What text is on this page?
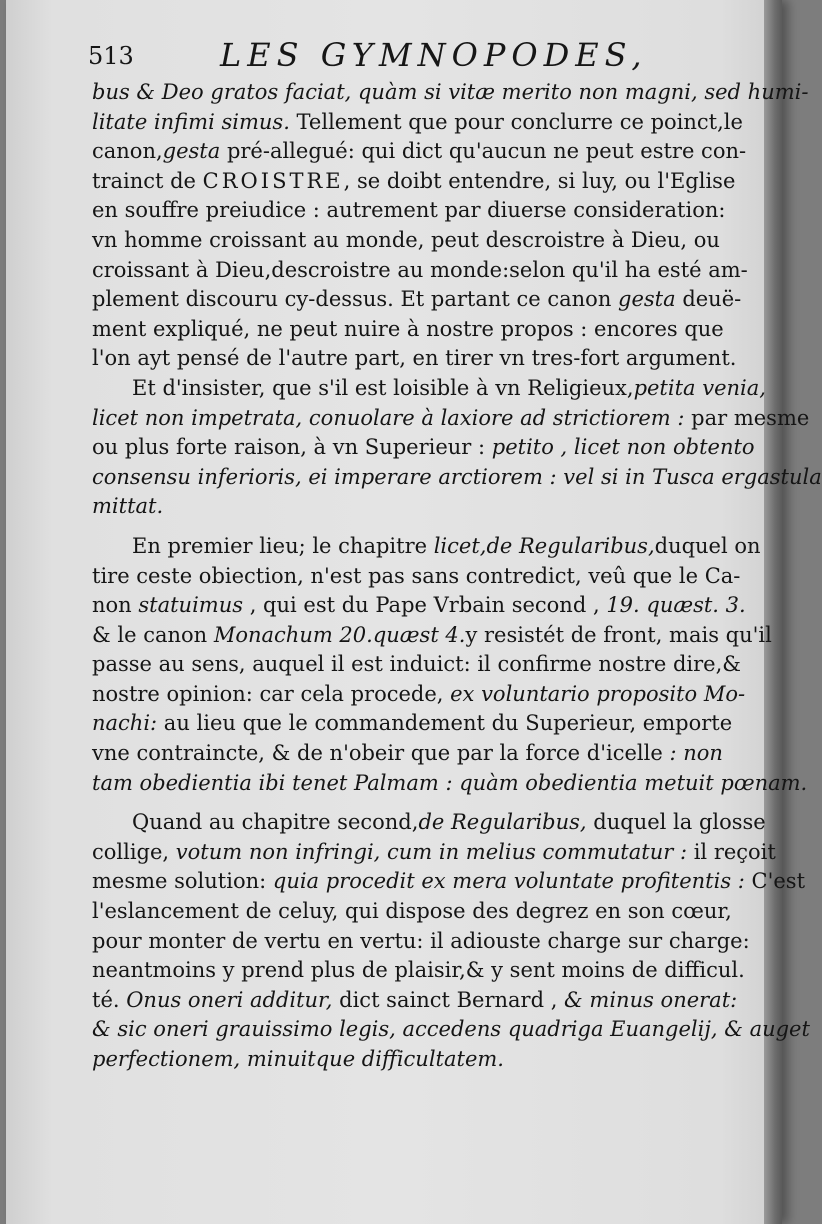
513	LES GYMNOPODES,
bus & Deo gratos faciat, quàm si vitæ merito non magni, sed humi-
litate infimi simus. Tellement que pour conclurre ce poinct,le
canon,gesta pré-allegué: qui dict qu'aucun ne peut estre con-
trainct de CROISTRE, se doibt entendre, si luy, ou l'Eglise
en souffre preiudice : autrement par diuerse consideration:
vn homme croissant au monde, peut descroistre à Dieu, ou
croissant à Dieu,descroistre au monde:selon qu'il ha esté am-
plement discouru cy-dessus. Et partant ce canon gesta deuë-
ment expliqué, ne peut nuire à nostre propos : encores que
l'on ayt pensé de l'autre part, en tirer vn tres-fort argument.
Et d'insister, que s'il est loisible à vn Religieux,petita venia,
licet non impetrata, conuolare à laxiore ad strictiorem : par mesme
ou plus forte raison, à vn Superieur : petito , licet non obtento
consensu inferioris, ei imperare arctiorem : vel si in Tusca ergastula
mittat.
En premier lieu; le chapitre licet,de Regularibus,duquel on
tire ceste obiection, n'est pas sans contredict, veû que le Ca-
non statuimus , qui est du Pape Vrbain second , 19. quæst. 3.
& le canon Monachum 20.quæst 4.y resistét de front, mais qu'il
passe au sens, auquel il est induict: il confirme nostre dire,&
nostre opinion: car cela procede, ex voluntario proposito Mo-
nachi: au lieu que le commandement du Superieur, emporte
vne contraincte, & de n'obeir que par la force d'icelle : non
tam obedientia ibi tenet Palmam : quàm obedientia metuit pœnam.
Quand au chapitre second,de Regularibus, duquel la glosse
collige, votum non infringi, cum in melius commutatur : il reçoit
mesme solution: quia procedit ex mera voluntate profitentis : C'est
l'eslancement de celuy, qui dispose des degrez en son cœur,
pour monter de vertu en vertu: il adiouste charge sur charge:
neantmoins y prend plus de plaisir,& y sent moins de difficul.
té. Onus oneri additur, dict sainct Bernard , & minus onerat:
& sic oneri grauissimo legis, accedens quadriga Euangelij, & auget
perfectionem, minuitque difficultatem.
